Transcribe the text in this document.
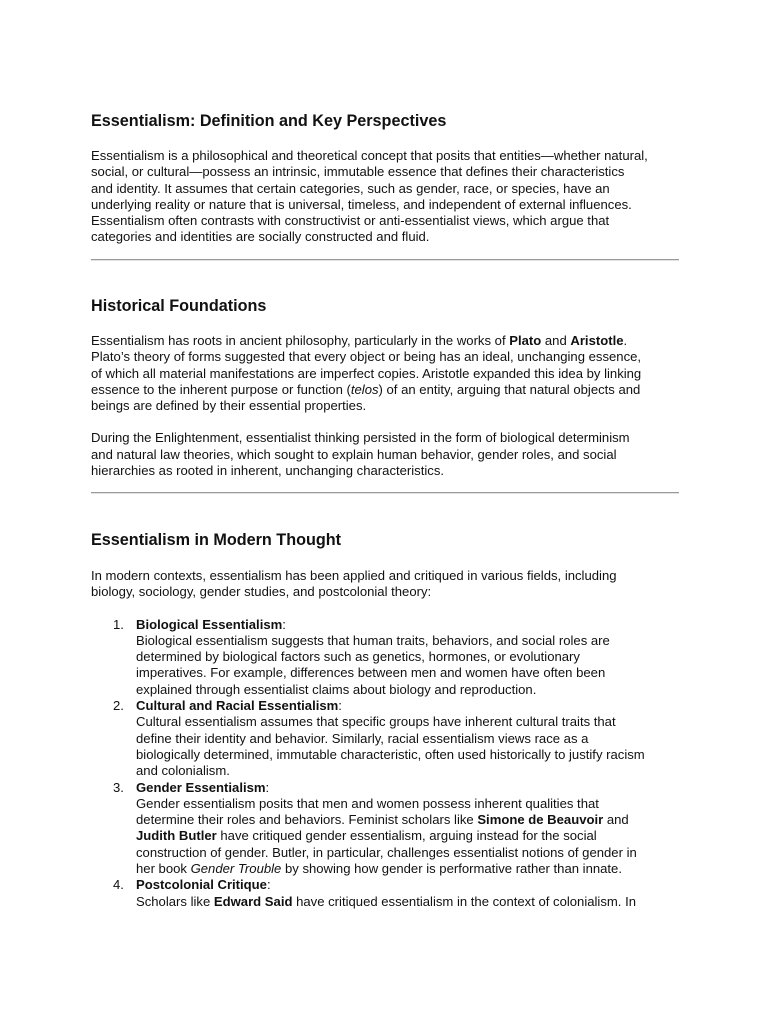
Essentialism: Definition and Key Perspectives

Essentialism is a philosophical and theoretical concept that posits that entities—whether natural,
social, or cultural—possess an intrinsic, immutable essence that defines their characteristics
and identity. It assumes that certain categories, such as gender, race, or species, have an
underlying reality or nature that is universal, timeless, and independent of external influences.
Essentialism often contrasts with constructivist or anti-essentialist views, which argue that
categories and identities are socially constructed and fluid.

Historical Foundations

Essentialism has roots in ancient philosophy, particularly in the works of Plato and Aristotle.
Plato’s theory of forms suggested that every object or being has an ideal, unchanging essence,
of which all material manifestations are imperfect copies. Aristotle expanded this idea by linking
essence to the inherent purpose or function (telos) of an entity, arguing that natural objects and
beings are defined by their essential properties.

During the Enlightenment, essentialist thinking persisted in the form of biological determinism
and natural law theories, which sought to explain human behavior, gender roles, and social
hierarchies as rooted in inherent, unchanging characteristics.

Essentialism in Modern Thought

In modern contexts, essentialism has been applied and critiqued in various fields, including
biology, sociology, gender studies, and postcolonial theory:

1. Biological Essentialism:
Biological essentialism suggests that human traits, behaviors, and social roles are
determined by biological factors such as genetics, hormones, or evolutionary
imperatives. For example, differences between men and women have often been
explained through essentialist claims about biology and reproduction.
2. Cultural and Racial Essentialism:
Cultural essentialism assumes that specific groups have inherent cultural traits that
define their identity and behavior. Similarly, racial essentialism views race as a
biologically determined, immutable characteristic, often used historically to justify racism
and colonialism.
3. Gender Essentialism:
Gender essentialism posits that men and women possess inherent qualities that
determine their roles and behaviors. Feminist scholars like Simone de Beauvoir and
Judith Butler have critiqued gender essentialism, arguing instead for the social
construction of gender. Butler, in particular, challenges essentialist notions of gender in
her book Gender Trouble by showing how gender is performative rather than innate.
4. Postcolonial Critique:
Scholars like Edward Said have critiqued essentialism in the context of colonialism. In
